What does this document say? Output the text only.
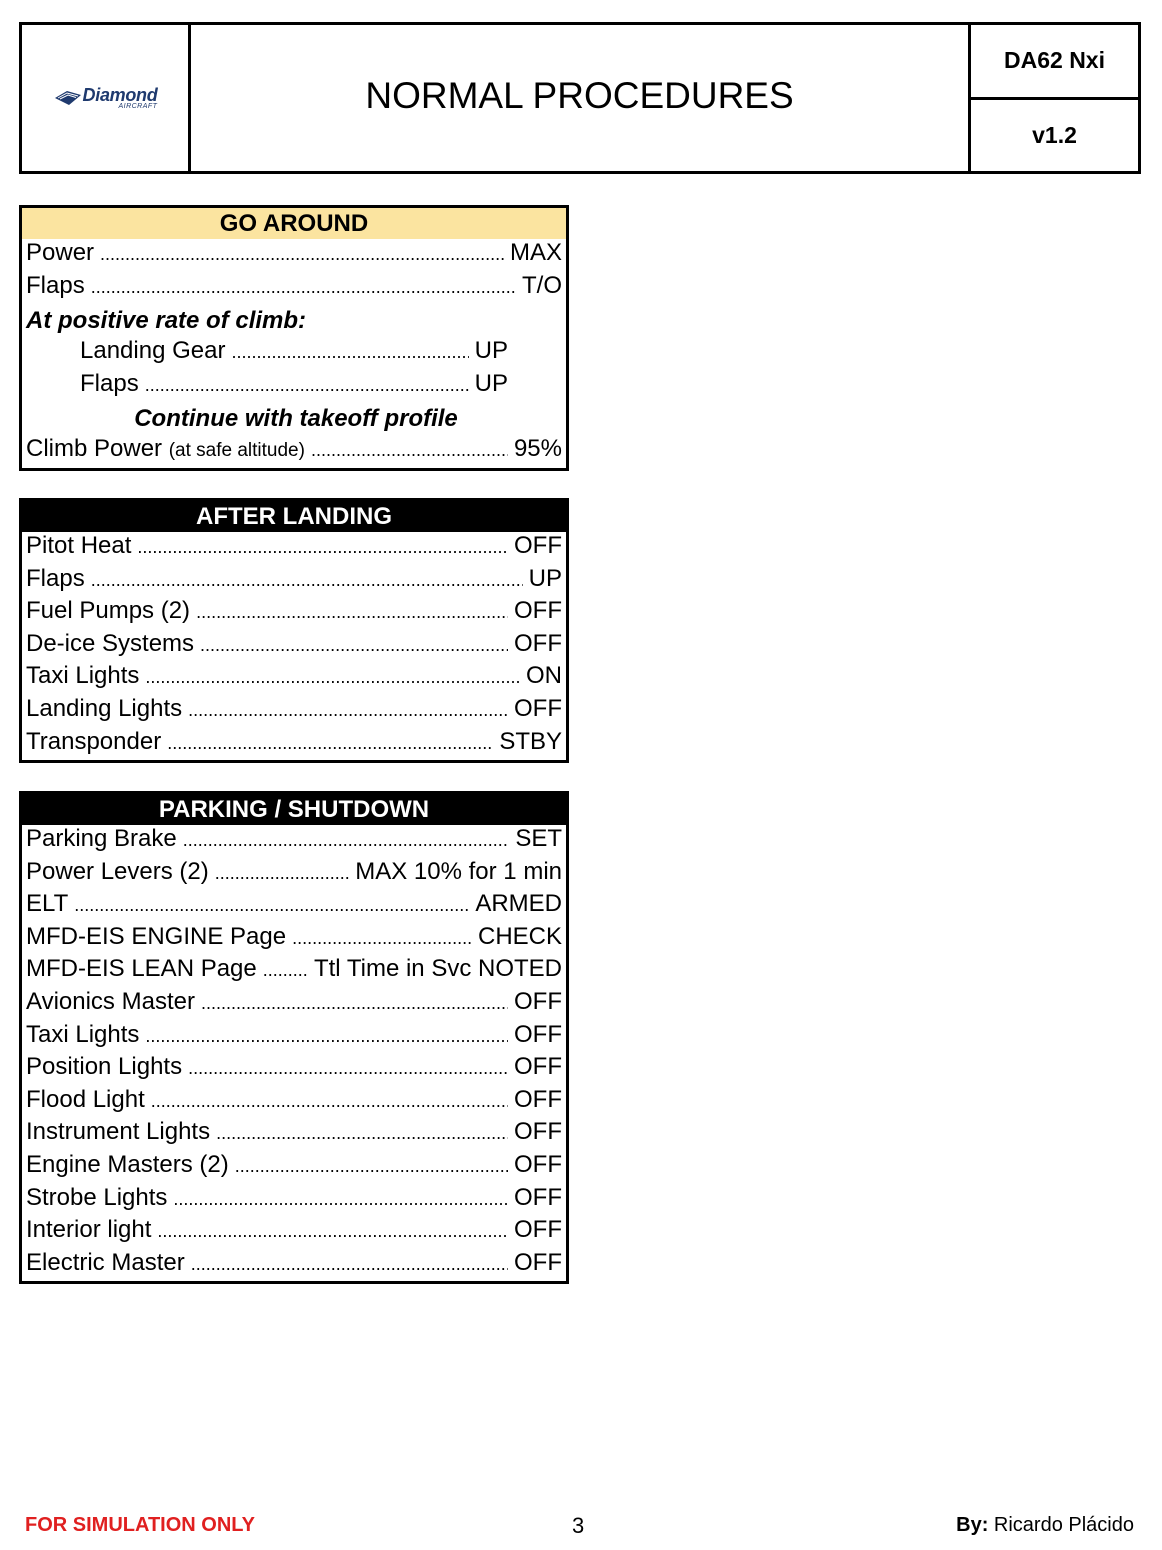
Diamond
AIRCRAFT	NORMAL PROCEDURES
DA62 Nxi
v1.2
GO AROUND
Power .....	MAX
Flaps .....	T/O
At positive rate of climb:
Landing Gear .....	UP
Flaps .....	UP
Continue with takeoff profile
Climb Power (at safe altitude) .....	95%
AFTER LANDING
Pitot Heat .....	OFF
Flaps .....	UP
Fuel Pumps (2) .....	OFF
De-ice Systems .....	OFF
Taxi Lights .....	ON
Landing Lights .....	OFF
Transponder .....	STBY
PARKING / SHUTDOWN
Parking Brake .....	SET
Power Levers (2) .....	MAX 10% for 1 min
ELT .....	ARMED
MFD-EIS ENGINE Page .....	CHECK
MFD-EIS LEAN Page ..... Ttl Time in Svc NOTED
Avionics Master .....	OFF
Taxi Lights .....	OFF
Position Lights .....	OFF
Flood Light .....	OFF
Instrument Lights .....	OFF
Engine Masters (2) .....	OFF
Strobe Lights .....	OFF
Interior light .....	OFF
Electric Master .....	OFF
FOR SIMULATION ONLY	3	By: Ricardo Plácido
